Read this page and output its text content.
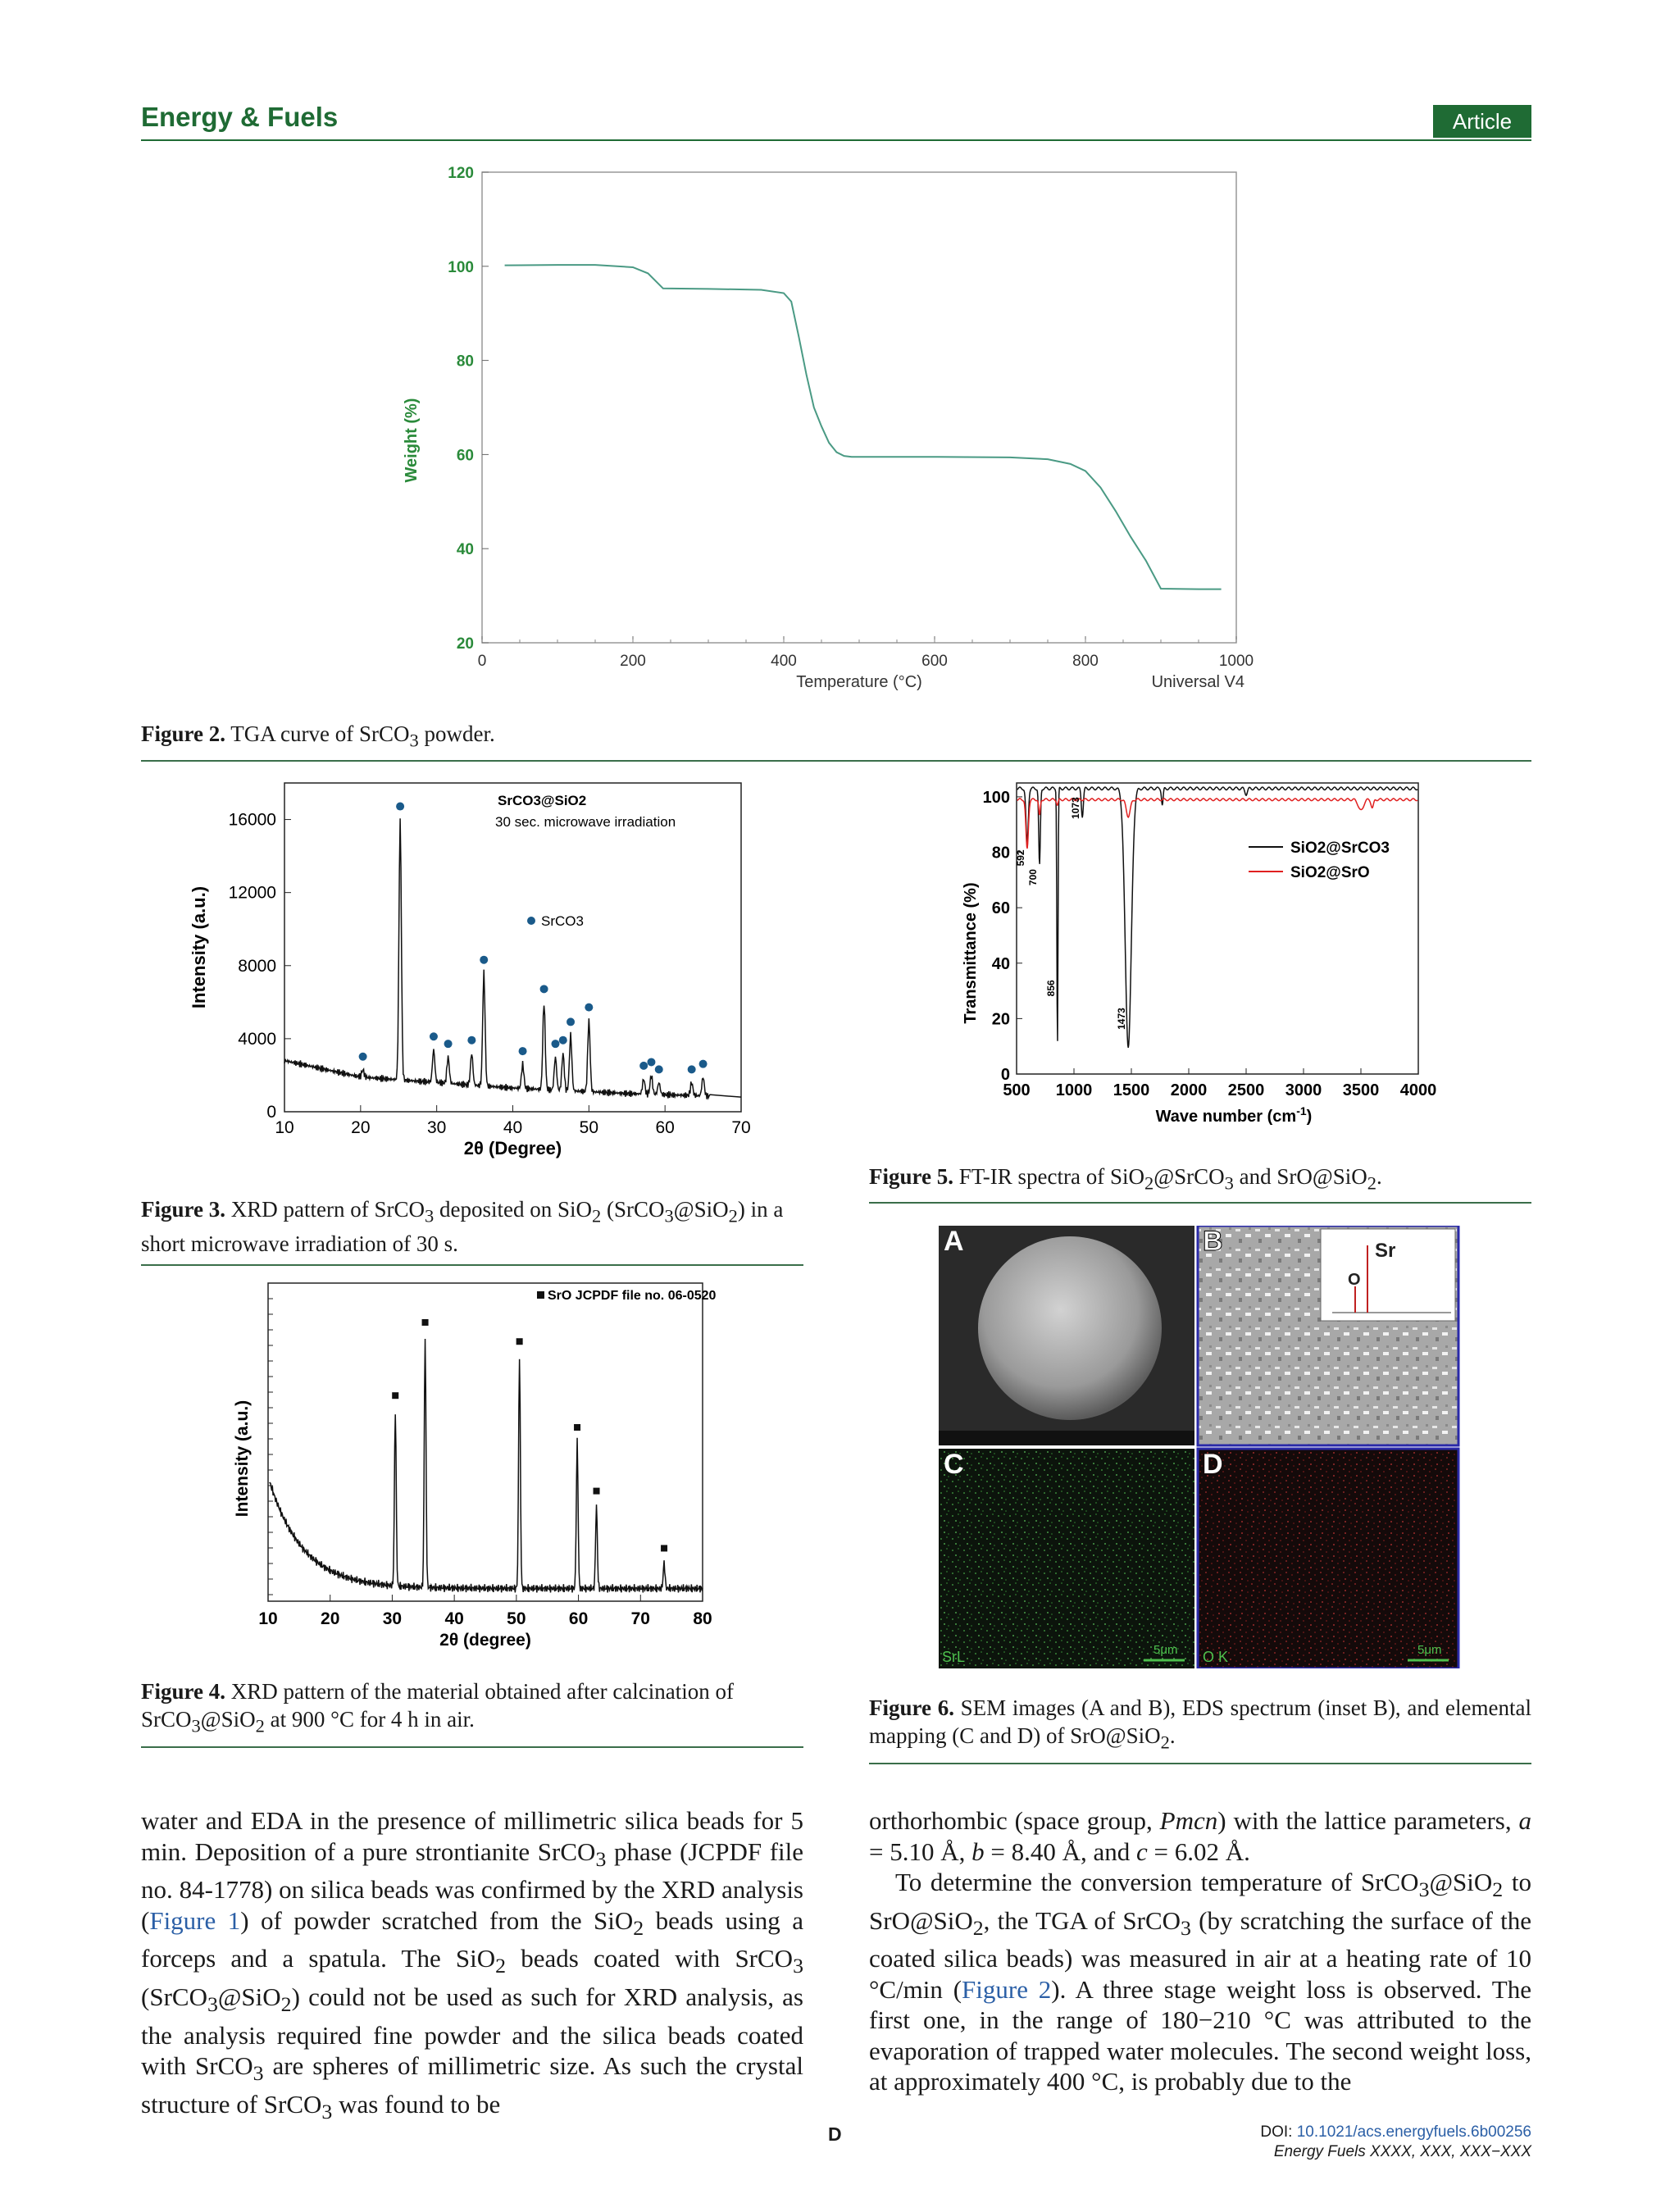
Energy & Fuels	Article
0	200	400	600	800	1000
20
40
60
80
100
120
Temperature (°C)
Weight (%)
Universal V4
Figure 2. TGA curve of SrCO$_3$ powder.
10	20	30	40	50	60	70
0
4000
8000
12000
16000
2θ (Degree)
Intensity (a.u.)
SrCO3@SiO2
30 sec. microwave irradiation
SrCO3
Figure 3. XRD pattern of SrCO$_3$ deposited on SiO$_2$ (SrCO$_3$@SiO$_2$) in a short microwave irradiation of 30 s.
10 20 30 40 50 60 70 80
2θ (degree)
Intensity (a.u.)
SrO JCPDF file no. 06-0520
Figure 4. XRD pattern of the material obtained after calcination of SrCO$_3$@SiO$_2$ at 900 °C for 4 h in air.
500 1000 1500 2000 2500 3000 3500 4000
0
20
40
60
80
100
Wave number $(cm^{-1})$
Transmittance (%)
592
700
856
1073
1473
SiO2@SrCO3
SiO2@SrO
Figure 5. FT-IR spectra of SiO$_2$@SrCO$_3$ and SrO@SiO$_2$.
A
O
Sr
B
C
SrL	5μm
D
O K	5μm
Figure 6. SEM images (A and B), EDS spectrum (inset B), and elemental mapping (C and D) of SrO@SiO$_2$.

water and EDA in the presence of millimetric silica beads for 5 min. Deposition of a pure strontianite SrCO$_3$ phase (JCPDF file no. 84-1778) on silica beads was confirmed by the XRD analysis (Figure 1) of powder scratched from the SiO$_2$ beads using a forceps and a spatula. The SiO$_2$ beads coated with SrCO$_3$ (SrCO$_3$@SiO$_2$) could not be used as such for XRD analysis, as the analysis required fine powder and the silica beads coated with SrCO$_3$ are spheres of millimetric size. As such the crystal structure of SrCO$_3$ was found to be

orthorhombic (space group, Pmcn) with the lattice parameters, a = 5.10 Å, b = 8.40 Å, and c = 6.02 Å.

To determine the conversion temperature of SrCO$_3$@SiO$_2$ to SrO@SiO$_2$, the TGA of SrCO$_3$ (by scratching the surface of the coated silica beads) was measured in air at a heating rate of 10 °C/min (Figure 2). A three stage weight loss is observed. The first one, in the range of 180−210 °C was attributed to the evaporation of trapped water molecules. The second weight loss, at approximately 400 °C, is probably due to the

D	DOI: 10.1021/acs.energyfuels.6b00256
Energy Fuels XXXX, XXX, XXX−XXX
